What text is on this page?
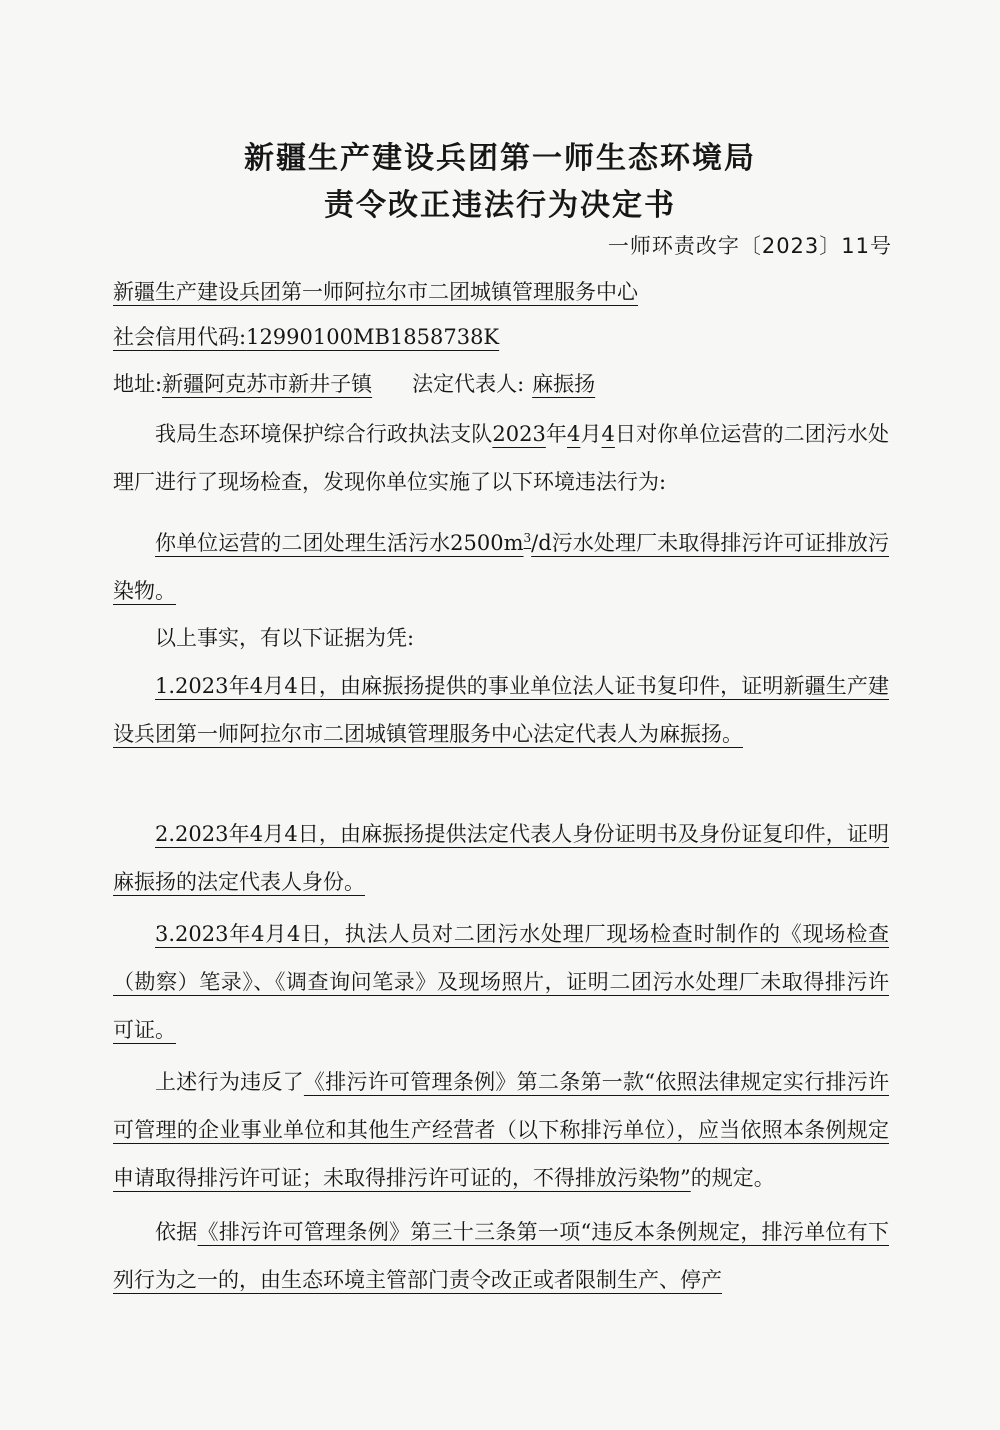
新疆生产建设兵团第一师生态环境局
责令改正违法行为决定书
一师环责改字〔2023〕11号
新疆生产建设兵团第一师阿拉尔市二团城镇管理服务中心
社会信用代码:12990100MB1858738K
地址:新疆阿克苏市新井子镇 法定代表人: 麻振扬

我局生态环境保护综合行政执法支队2023年4月4日对你单位运营的二团污水处理厂进行了现场检查，发现你单位实施了以下环境违法行为:

你单位运营的二团处理生活污水$2500m^3/d$污水处理厂未取得排污许可证排放污染物。

以上事实，有以下证据为凭:

1.2023年4月4日，由麻振扬提供的事业单位法人证书复印件，证明新疆生产建设兵团第一师阿拉尔市二团城镇管理服务中心法定代表人为麻振扬。

2.2023年4月4日，由麻振扬提供法定代表人身份证明书及身份证复印件，证明麻振扬的法定代表人身份。

3.2023年4月4日，执法人员对二团污水处理厂现场检查时制作的《现场检查（勘察）笔录》、《调查询问笔录》及现场照片，证明二团污水处理厂未取得排污许可证。

上述行为违反了《排污许可管理条例》第二条第一款“依照法律规定实行排污许可管理的企业事业单位和其他生产经营者（以下称排污单位），应当依照本条例规定申请取得排污许可证；未取得排污许可证的，不得排放污染物”的规定。

依据《排污许可管理条例》第三十三条第一项“违反本条例规定，排污单位有下列行为之一的，由生态环境主管部门责令改正或者限制生产、停产
